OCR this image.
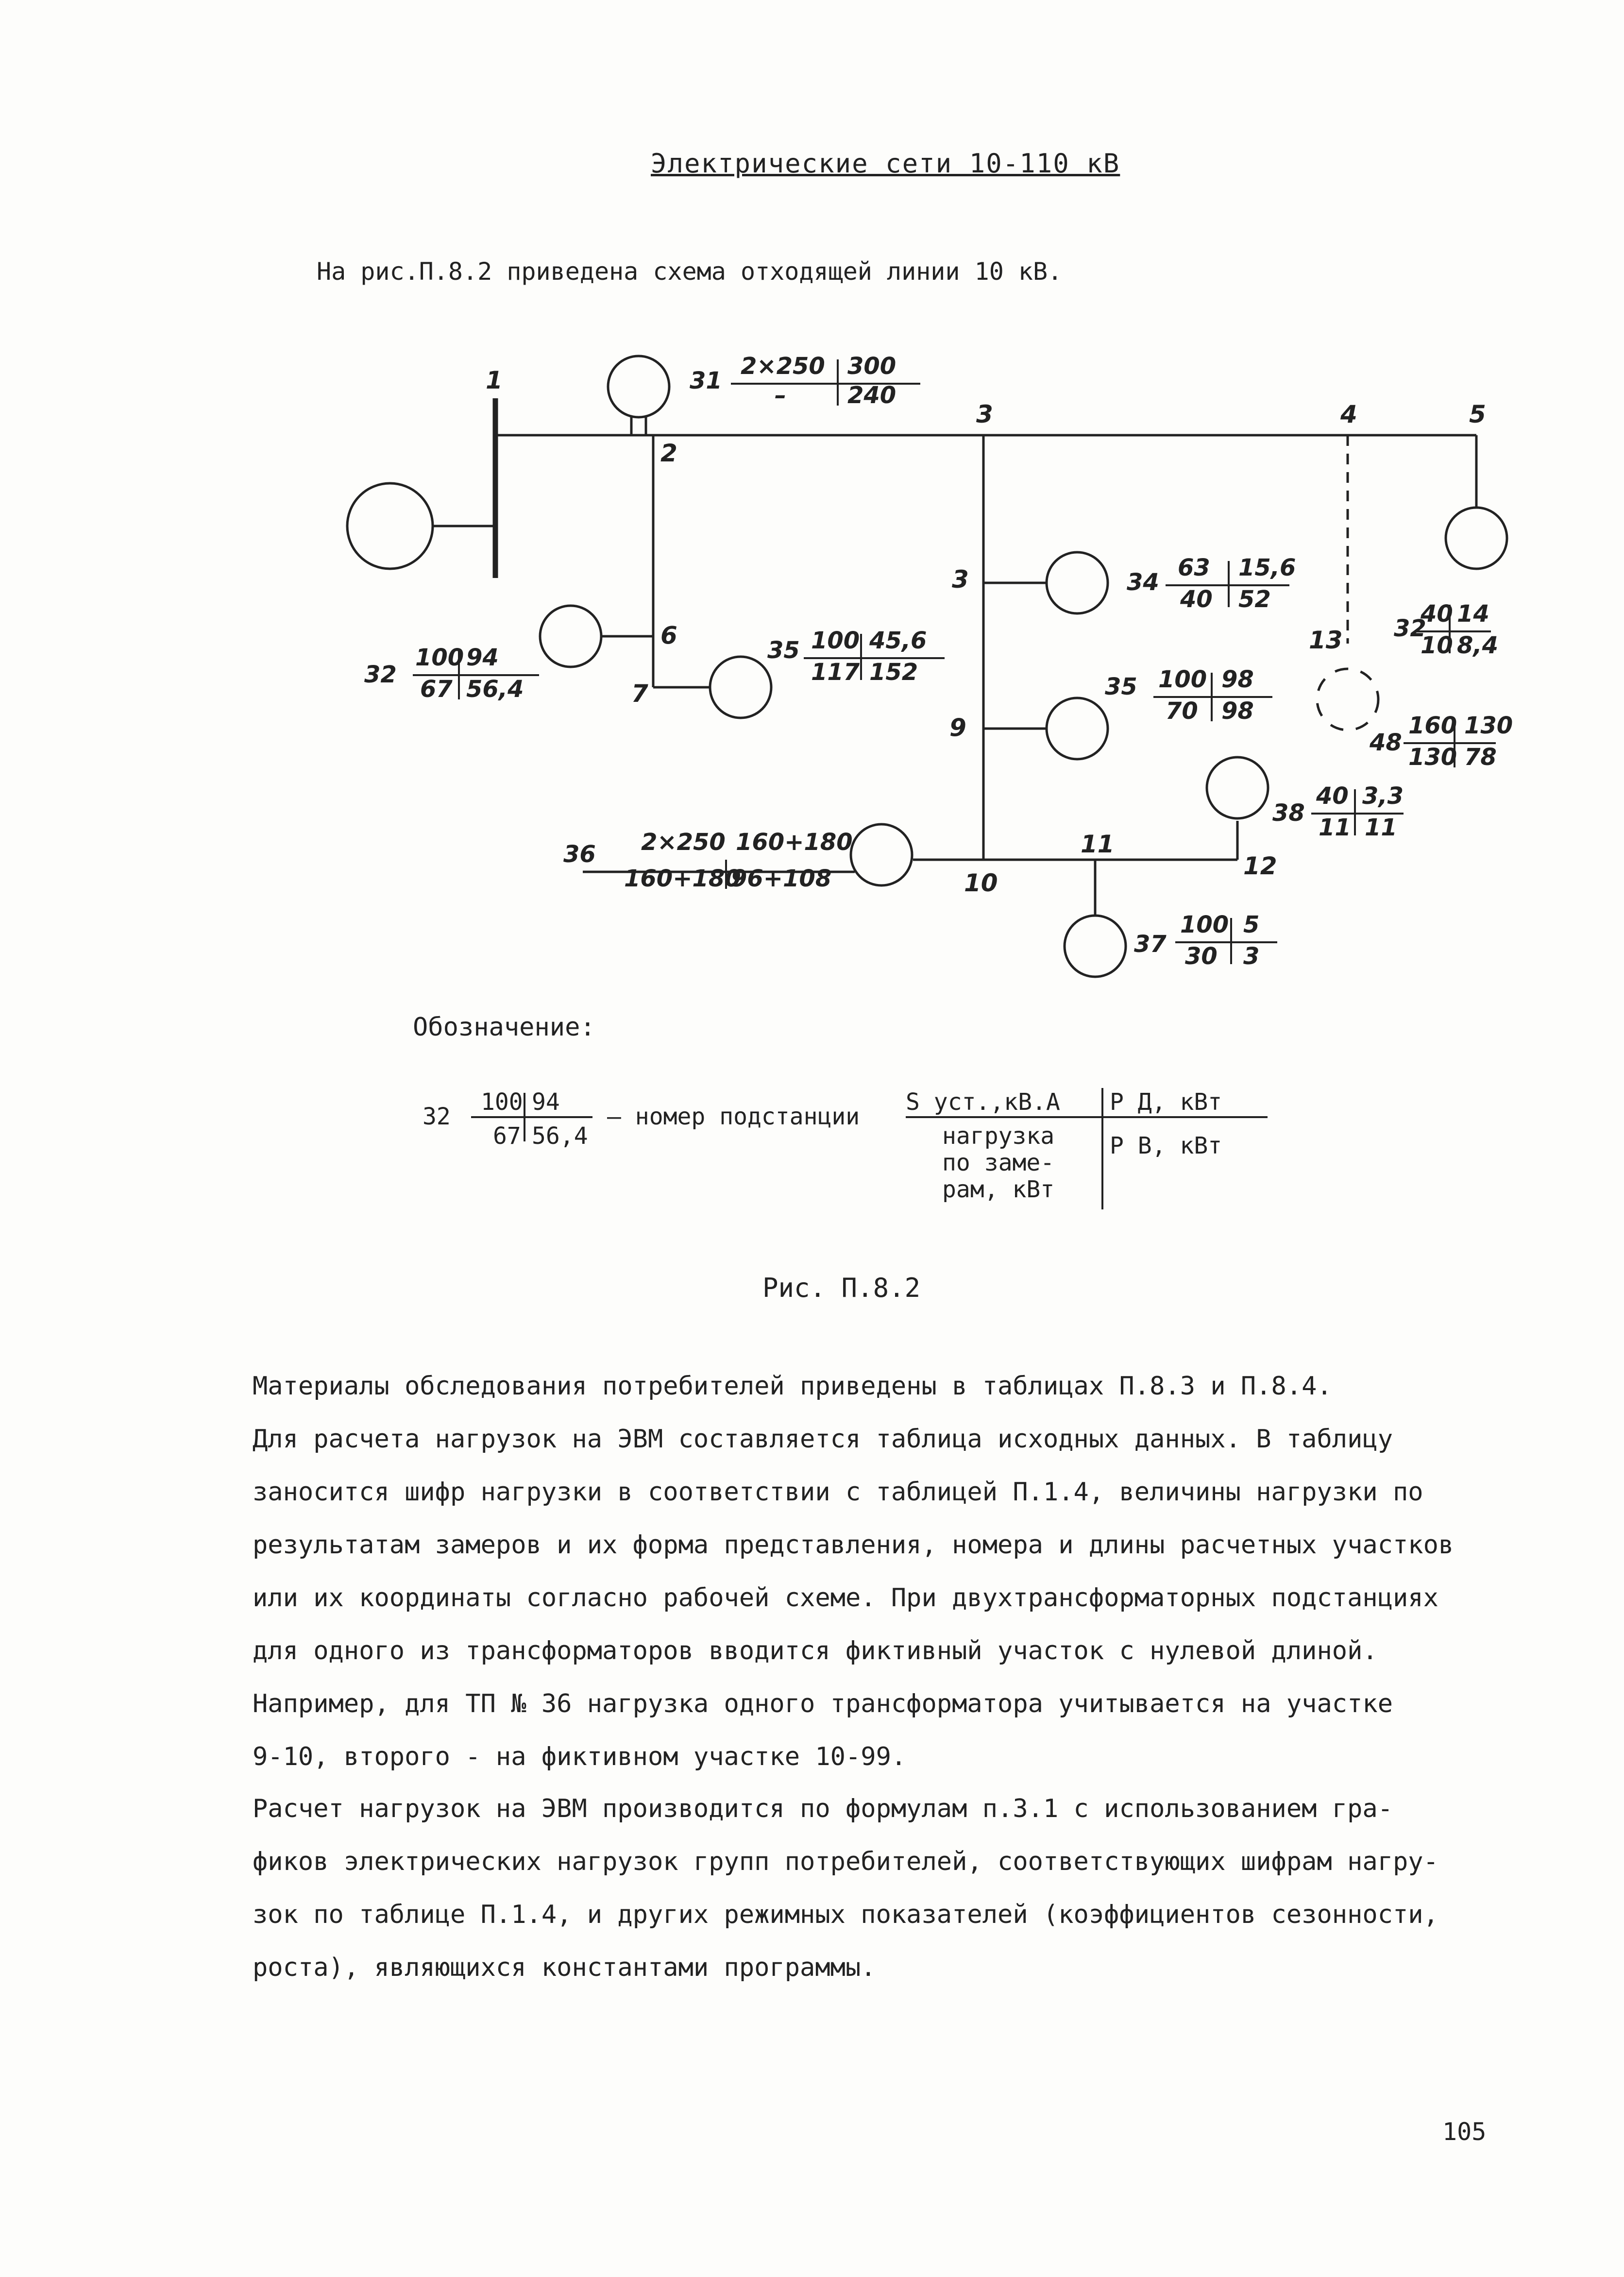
Электрические сети 10-110 кВ
На рис.П.8.2 приведена схема отходящей линии 10 кВ.
1
2
3
3
4	5
6
7
9
10
11
12
13
31
2×250 300
–	240
32
100 94
67 56,4
35 100 45,6
117 152
34
63 15,6
40 52
35 100 98
70 98
36 2×250 160+180
160+180
96+108
32
40 14
10 8,4
48
160 130
130 78
38
40 3,3
11 11
37
100 5
30 3
Обозначение:
32
100 94
67 56,4
– номер подстанции
S уст.,кВ.А Р Д, кВт
Р В, кВт
нагрузка
по заме-
рам, кВт
Рис. П.8.2
Материалы обследования потребителей приведены в таблицах П.8.3 и П.8.4.
Для расчета нагрузок на ЭВМ составляется таблица исходных данных. В таблицу
заносится шифр нагрузки в соответствии с таблицей П.1.4, величины нагрузки по
результатам замеров и их форма представления, номера и длины расчетных участков
или их координаты согласно рабочей схеме. При двухтрансформаторных подстанциях
для одного из трансформаторов вводится фиктивный участок с нулевой длиной.
Например, для ТП № 36 нагрузка одного трансформатора учитывается на участке
9-10, второго - на фиктивном участке 10-99.
Расчет нагрузок на ЭВМ производится по формулам п.3.1 с использованием гра-
фиков электрических нагрузок групп потребителей, соответствующих шифрам нагру-
зок по таблице П.1.4, и других режимных показателей (коэффициентов сезонности,
роста), являющихся константами программы.
105
